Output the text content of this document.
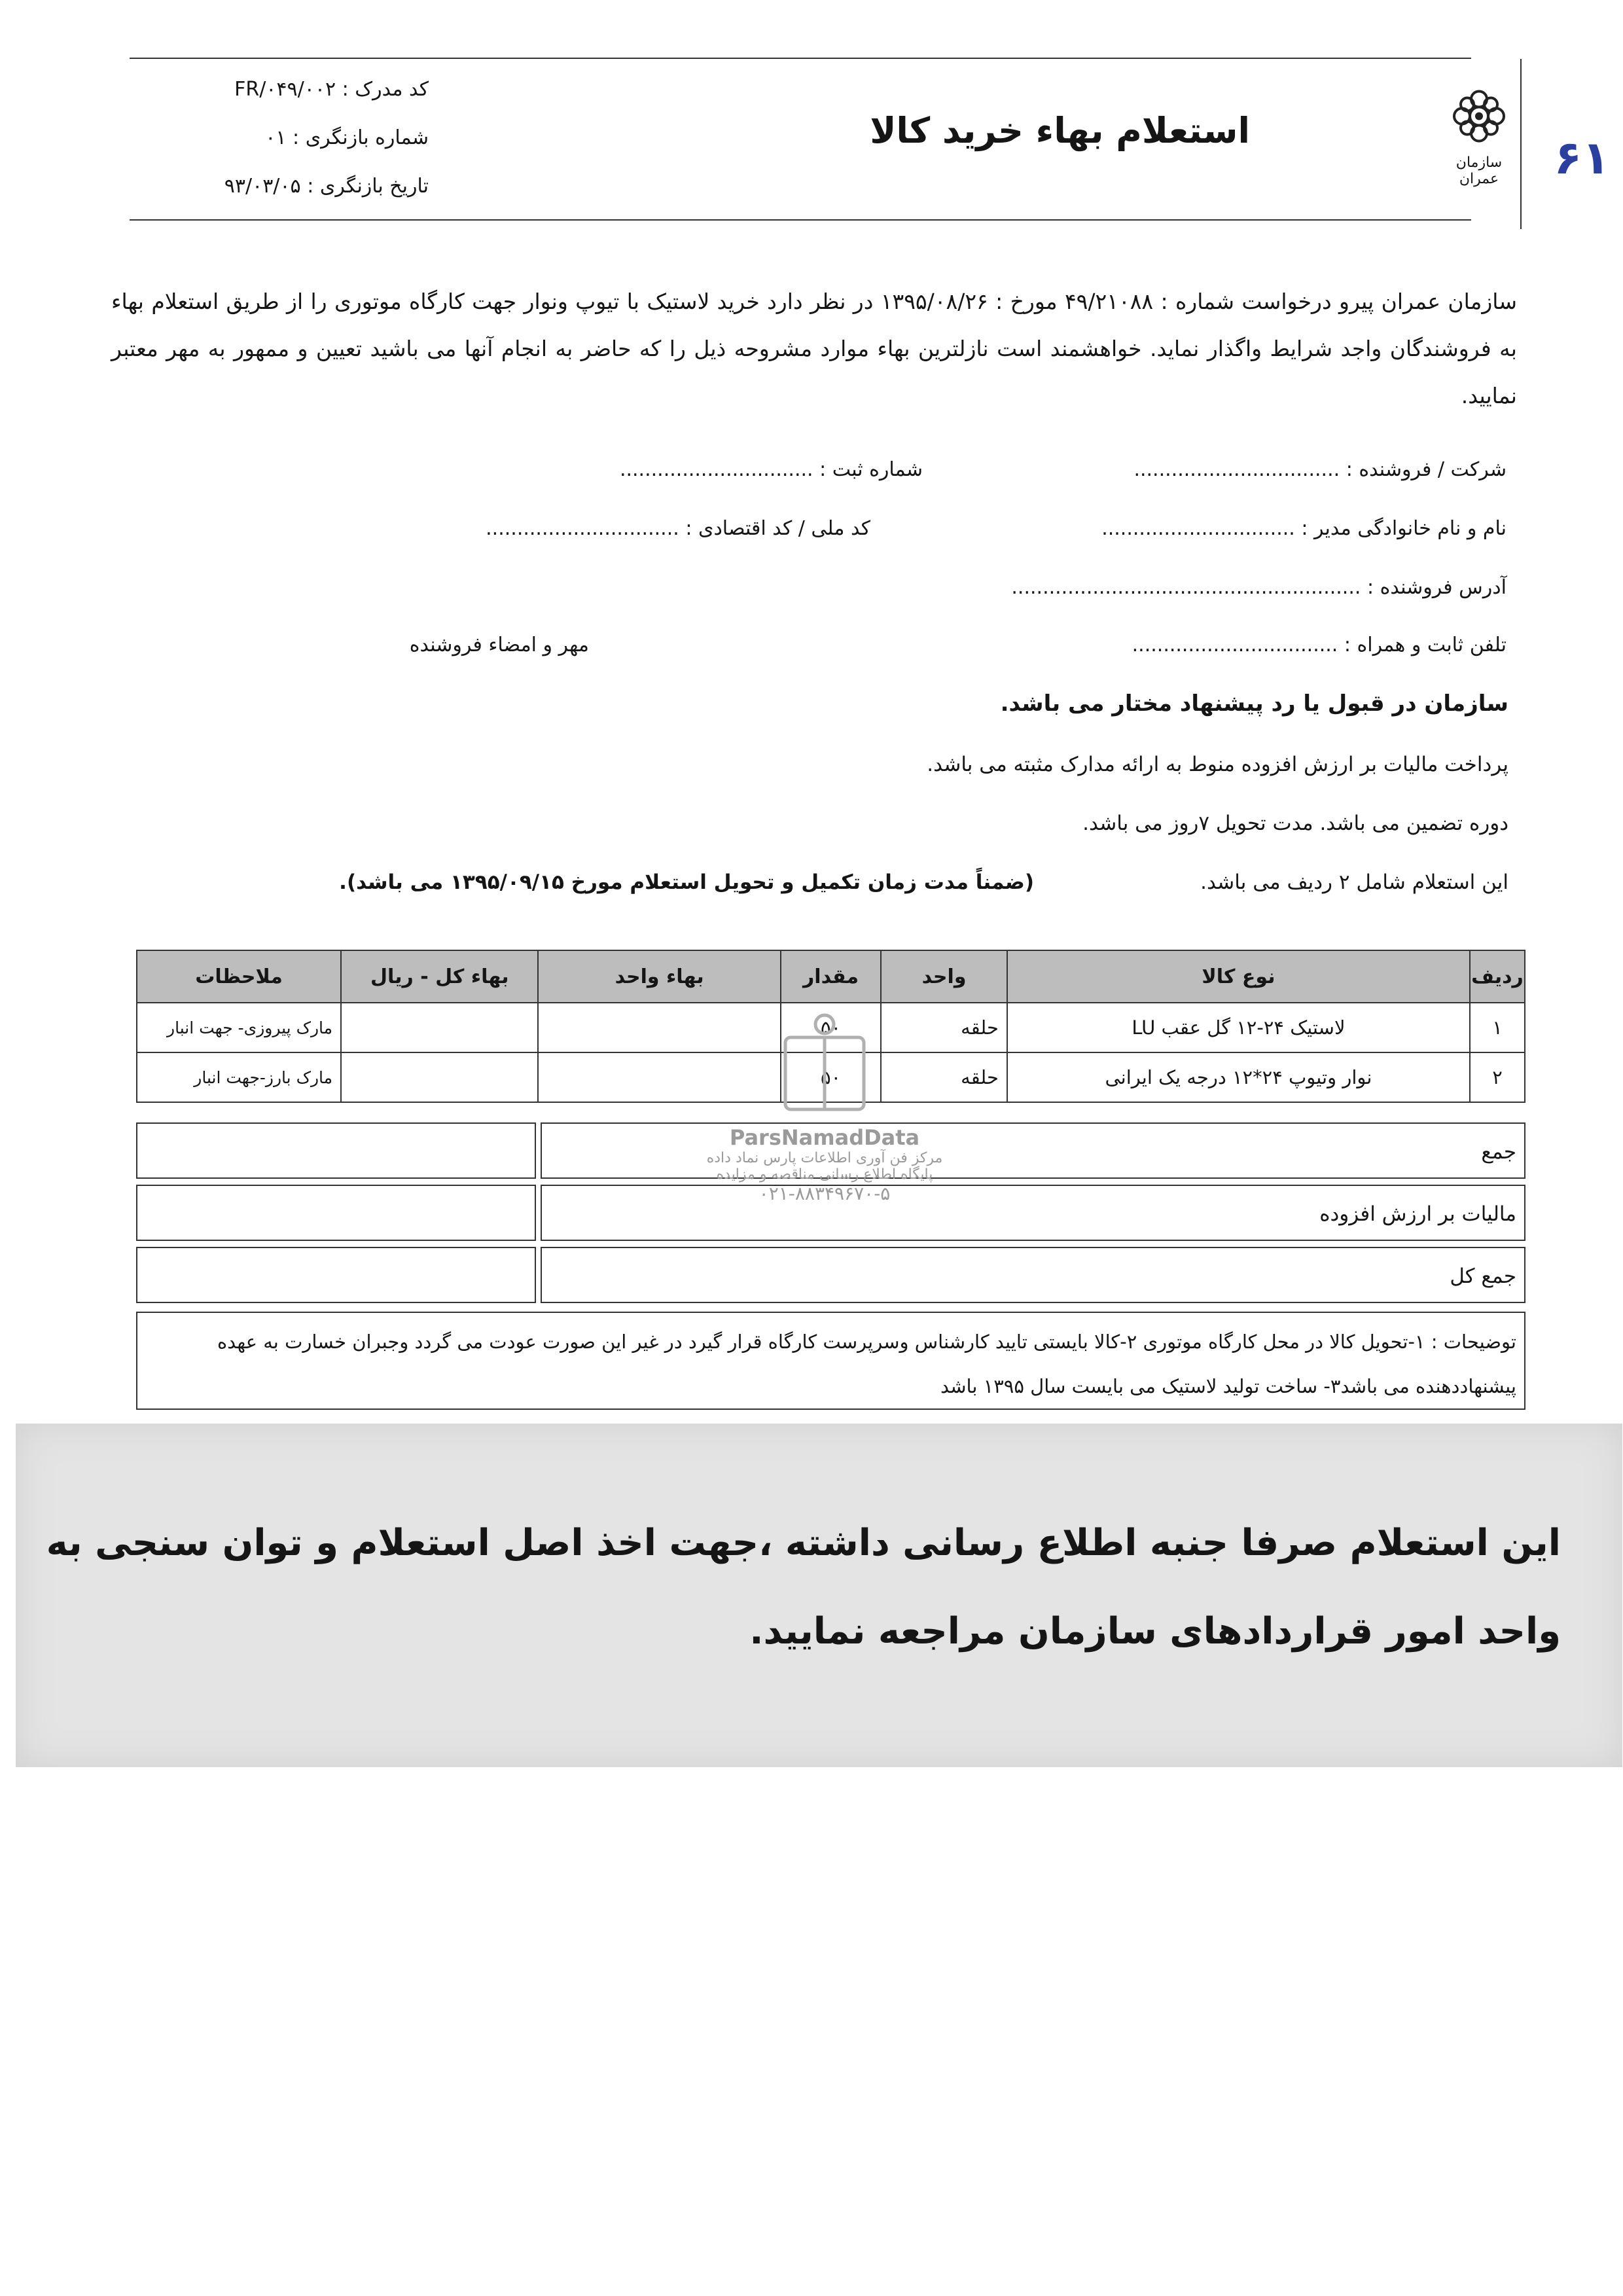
سازمان عمران
استعلام بهاء خرید کالا
کد مدرک : FR/۰۴۹/۰۰۲
شماره بازنگری : ۰۱
تاریخ بازنگری : ۹۳/۰۳/۰۵
۶۱
سازمان عمران پیرو درخواست شماره : ۴۹/۲۱۰۸۸ مورخ : ۱۳۹۵/۰۸/۲۶ در نظر دارد خرید لاستیک با تیوپ ونوار جهت کارگاه موتوری را از طریق استعلام بهاء به فروشندگان واجد شرایط واگذار نماید. خواهشمند است نازلترین بهاء موارد مشروحه ذیل را که حاضر به انجام آنها می باشید تعیین و ممهور به مهر معتبر نمایید.
شرکت / فروشنده : .................................
شماره ثبت : ...............................
نام و نام خانوادگی مدیر : ...............................
کد ملی / کد اقتصادی : ...............................
آدرس فروشنده : ........................................................
تلفن ثابت و همراه : .................................
مهر و امضاء فروشنده
سازمان در قبول یا رد پیشنهاد مختار می باشد.
پرداخت مالیات بر ارزش افزوده منوط به ارائه مدارک مثبته می باشد.
دوره تضمین می باشد. مدت تحویل ۷روز می باشد.
این استعلام شامل ۲ ردیف می باشد.
(ضمناً مدت زمان تکمیل و تحویل استعلام مورخ ۱۳۹۵/۰۹/۱۵ می باشد).
ردیف	نوع کالا	واحد	مقدار	بهاء واحد	بهاء کل - ریال	ملاحظات
۱	لاستیک ۲۴-۱۲ گل عقب LU	حلقه	۵۰			مارک پیروزی- جهت انبار
۲	نوار وتیوپ ۲۴*۱۲ درجه یک ایرانی	حلقه	۵۰			مارک بارز-جهت انبار
جمع
مالیات بر ارزش افزوده
جمع کل
توضیحات : ۱-تحویل کالا در محل کارگاه موتوری ۲-کالا بایستی تایید کارشناس وسرپرست کارگاه قرار گیرد در غیر این صورت عودت می گردد وجبران خسارت به عهده پیشنهاددهنده می باشد۳- ساخت تولید لاستیک می بایست سال ۱۳۹۵ باشد
ParsNamadData
مرکز فن آوری اطلاعات پارس نماد داده
پایگاه اطلاع رسانی مناقصه و مزایده
۰۲۱-۸۸۳۴۹۶۷۰-۵
این استعلام صرفا جنبه اطلاع رسانی داشته ،جهت اخذ اصل استعلام و توان سنجی به واحد امور قراردادهای سازمان مراجعه نمایید.
